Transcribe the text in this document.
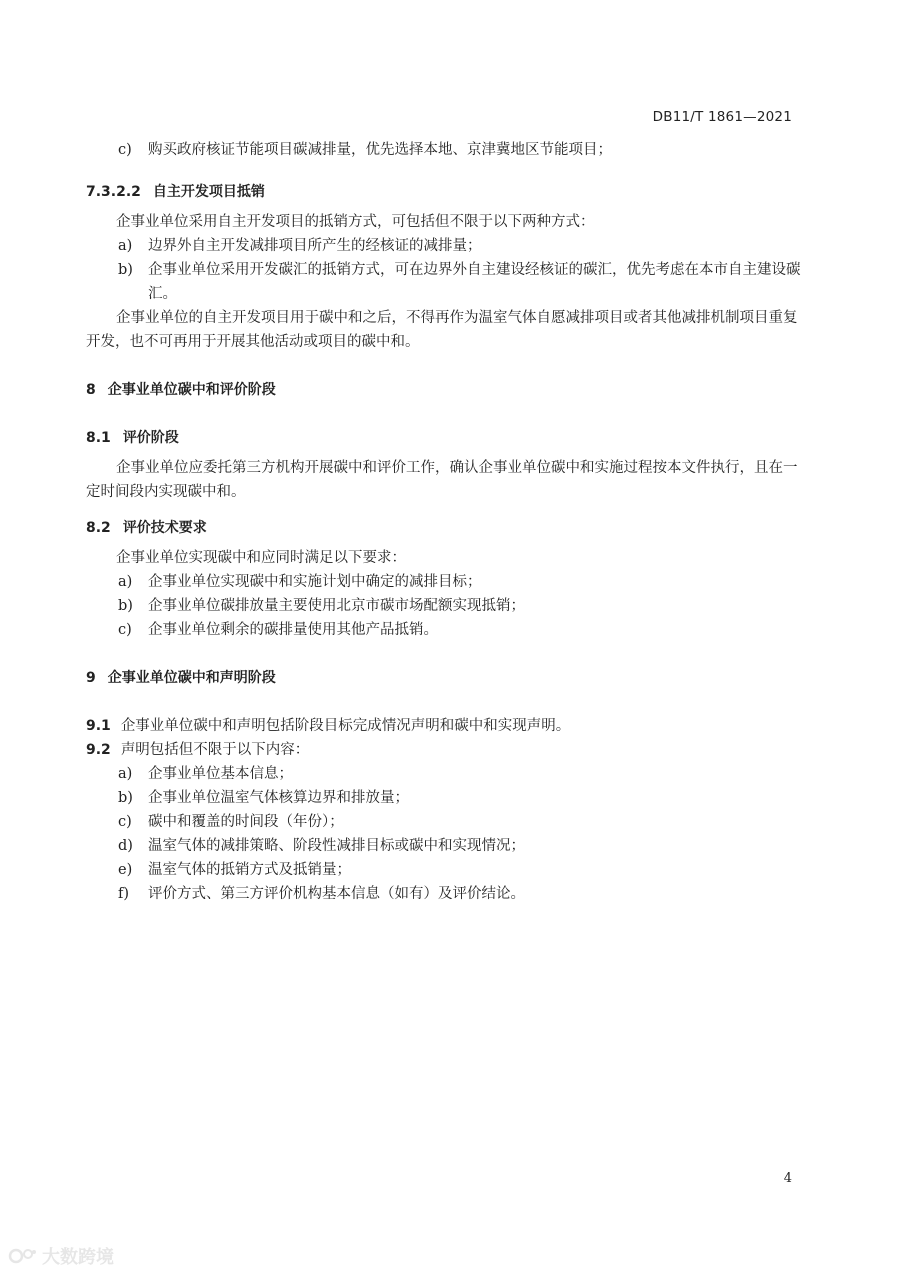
DB11/T 1861—2021
c)	购买政府核证节能项目碳减排量，优先选择本地、京津冀地区节能项目；
7.3.2.2 自主开发项目抵销

企事业单位采用自主开发项目的抵销方式，可包括但不限于以下两种方式：

a)	边界外自主开发减排项目所产生的经核证的减排量；
b)	企事业单位采用开发碳汇的抵销方式，可在边界外自主建设经核证的碳汇，优先考虑在本市自主建设碳汇。

企事业单位的自主开发项目用于碳中和之后，不得再作为温室气体自愿减排项目或者其他减排机制项目重复开发，也不可再用于开展其他活动或项目的碳中和。

8 企事业单位碳中和评价阶段
8.1 评价阶段

企事业单位应委托第三方机构开展碳中和评价工作，确认企事业单位碳中和实施过程按本文件执行，且在一定时间段内实现碳中和。

8.2 评价技术要求

企事业单位实现碳中和应同时满足以下要求：

a)	企事业单位实现碳中和实施计划中确定的减排目标；
b)	企事业单位碳排放量主要使用北京市碳市场配额实现抵销；
c)	企事业单位剩余的碳排量使用其他产品抵销。
9 企事业单位碳中和声明阶段
9.1 企事业单位碳中和声明包括阶段目标完成情况声明和碳中和实现声明。
9.2 声明包括但不限于以下内容：
a)	企事业单位基本信息；
b)	企事业单位温室气体核算边界和排放量；
c)	碳中和覆盖的时间段（年份）；
d)	温室气体的减排策略、阶段性减排目标或碳中和实现情况；
e)	温室气体的抵销方式及抵销量；
f)	评价方式、第三方评价机构基本信息（如有）及评价结论。
4
大数跨境
